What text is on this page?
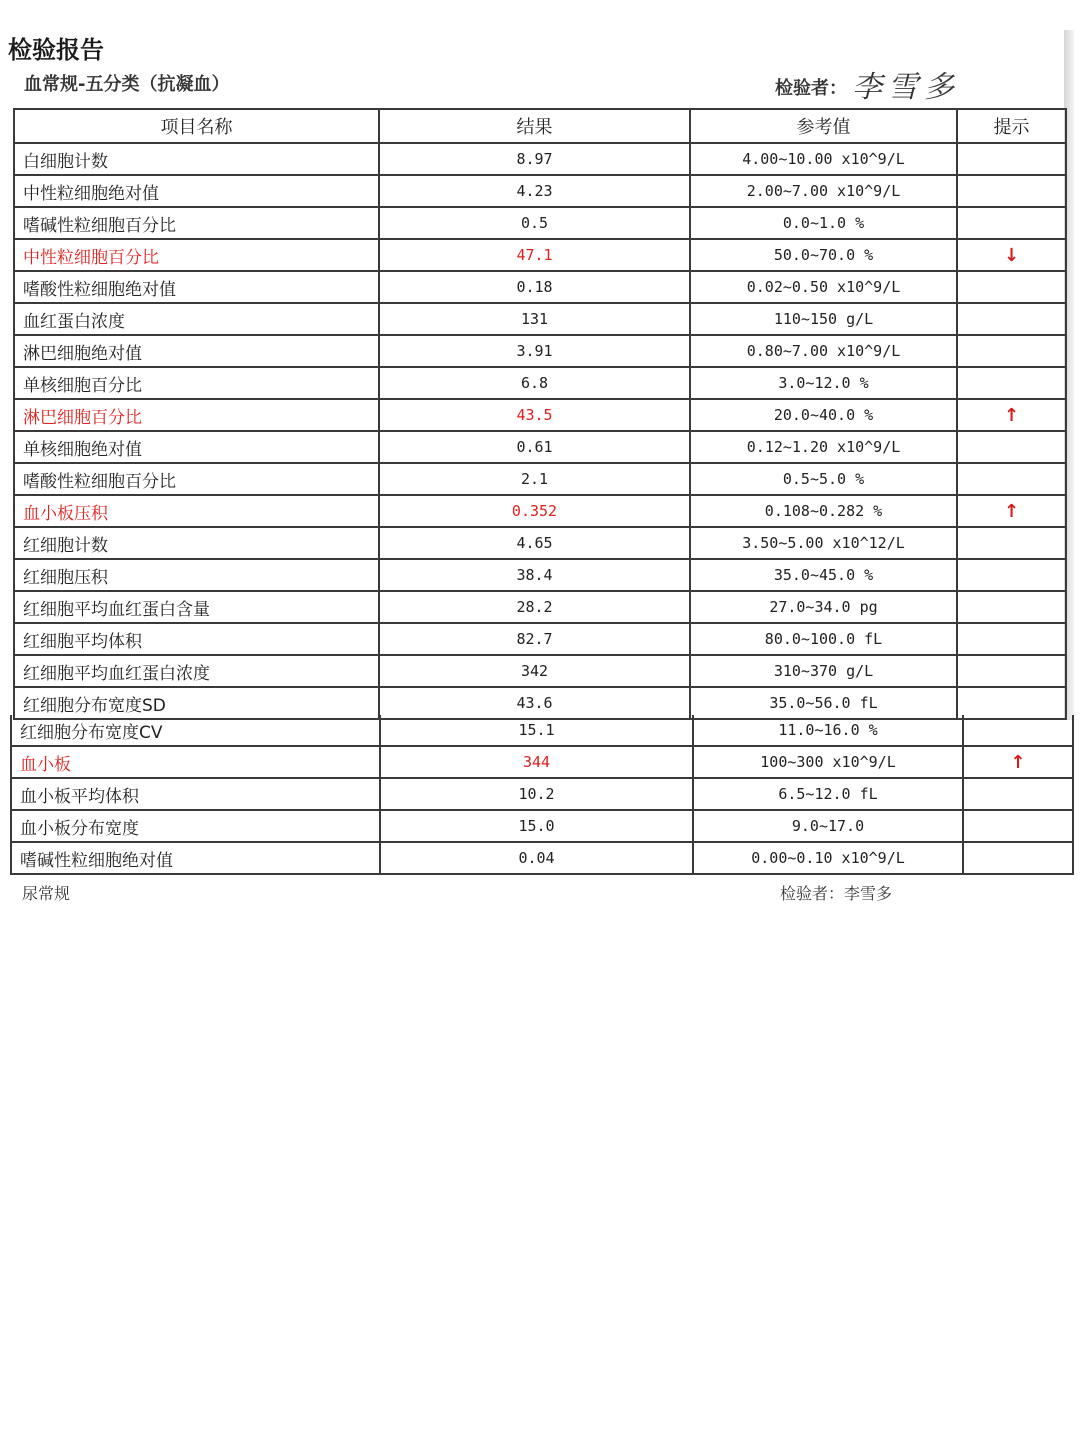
检验报告
血常规-五分类（抗凝血）	检验者： 李雪多
项目名称	结果	参考值	提示
白细胞计数	8.97	4.00~10.00 x10^9/L	
中性粒细胞绝对值	4.23	2.00~7.00 x10^9/L	
嗜碱性粒细胞百分比	0.5	0.0~1.0 %	
中性粒细胞百分比	47.1	50.0~70.0 %	↓
嗜酸性粒细胞绝对值	0.18	0.02~0.50 x10^9/L	
血红蛋白浓度	131	110~150 g/L	
淋巴细胞绝对值	3.91	0.80~7.00 x10^9/L	
单核细胞百分比	6.8	3.0~12.0 %	
淋巴细胞百分比	43.5	20.0~40.0 %	↑
单核细胞绝对值	0.61	0.12~1.20 x10^9/L	
嗜酸性粒细胞百分比	2.1	0.5~5.0 %	
血小板压积	0.352	0.108~0.282 %	↑
红细胞计数	4.65	3.50~5.00 x10^12/L	
红细胞压积	38.4	35.0~45.0 %	
红细胞平均血红蛋白含量	28.2	27.0~34.0 pg	
红细胞平均体积	82.7	80.0~100.0 fL	
红细胞平均血红蛋白浓度	342	310~370 g/L	
红细胞分布宽度SD	43.6	35.0~56.0 fL	
红细胞分布宽度CV	15.1	11.0~16.0 %	
血小板	344	100~300 x10^9/L	↑
血小板平均体积	10.2	6.5~12.0 fL	
血小板分布宽度	15.0	9.0~17.0	
嗜碱性粒细胞绝对值	0.04	0.00~0.10 x10^9/L	
尿常规	检验者：李雪多
